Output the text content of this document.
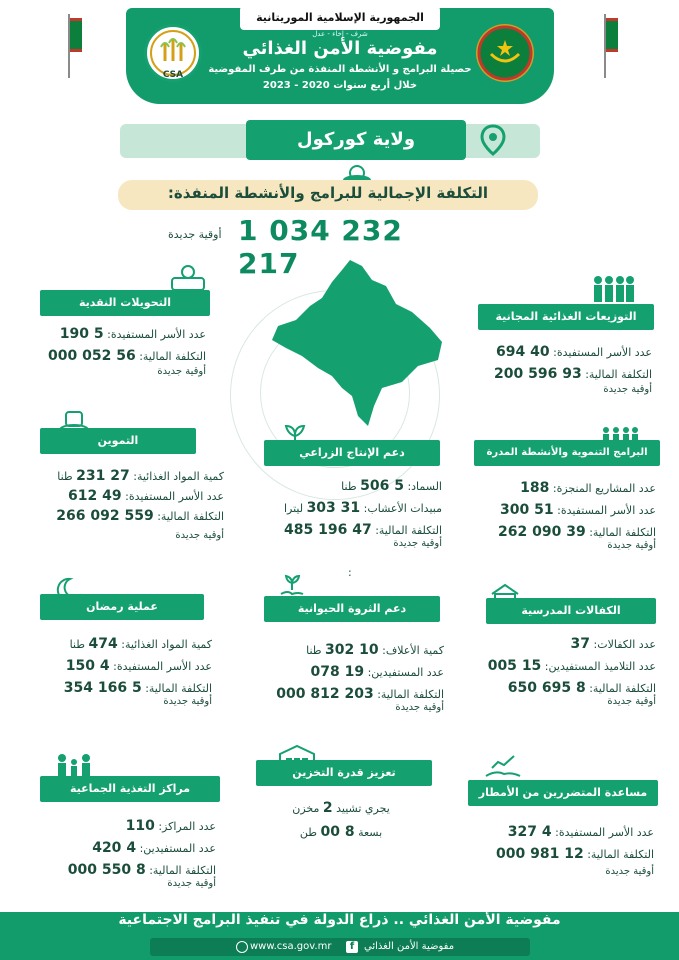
الجمهورية الإسلامية الموريتانية
شرف - إخاء - عدل
CSA
مفوضية الأمن الغذائي
حصيلة البرامج و الأنشطة المنفذة من طرف المفوضية
خلال أربع سنوات 2020 - 2023
ولاية كوركول
التكلفة الإجمالية للبرامج والأنشطة المنفذة:
1 034 232 217
أوقية جديدة
التحويلات النقدية
عدد الأسر المستفيدة: 5 190
التكلفة المالية: 56 052 000
أوقية جديدة
التوزيعات الغذائية المجانية
عدد الأسر المستفيدة: 40 694
التكلفة المالية: 93 596 200
أوقية جديدة
التموين
كمية المواد الغذائية: 27 231 طنا
عدد الأسر المستفيدة: 49 612
التكلفة المالية: 559 092 266
أوقية جديدة
دعم الإنتاج الزراعي
السماد: 5 506 طنا
مبيدات الأعشاب: 31 303 ليترا
التكلفة المالية: 47 196 485
أوقية جديدة
:
البرامج التنموية والأنشطة المدرة للدخل
عدد المشاريع المنجزة: 188
عدد الأسر المستفيدة: 51 300
التكلفة المالية: 39 090 262
أوقية جديدة
عملية رمضان
كمية المواد الغذائية: 474 طنا
عدد الأسر المستفيدة: 4 150
التكلفة المالية: 5 166 354
أوقية جديدة
دعم الثروة الحيوانية
كمية الأعلاف: 10 302 طنا
عدد المستفيدين: 19 078
التكلفة المالية: 203 812 000
أوقية جديدة
الكفالات المدرسية
عدد الكفالات: 37
عدد التلاميذ المستفيدين: 15 005
التكلفة المالية: 8 695 650
أوقية جديدة
مراكز التغذية الجماعية
عدد المراكز: 110
عدد المستفيدين: 4 420
التكلفة المالية: 8 550 000
أوقية جديدة
تعزيز قدرة التخزين
يجري تشييد 2 مخزن
بسعة 8 00 طن
مساعدة المتضررين من الأمطار
عدد الأسر المستفيدة: 4 327
التكلفة المالية: 12 981 000
أوقية جديدة
مفوضية الأمن الغذائي .. ذراع الدولة في تنفيذ البرامج الاجتماعية
www.csa.gov.mr	مفوضية الأمن الغذائي
f
